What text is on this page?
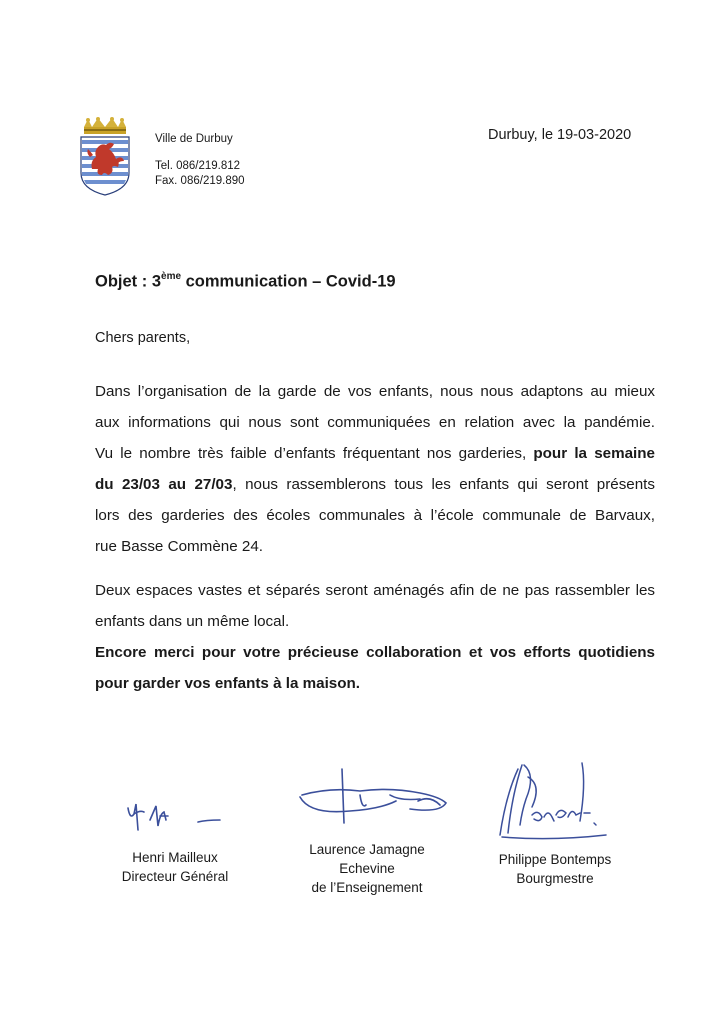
Ville de Durbuy
Tel. 086/219.812
Fax. 086/219.890
Durbuy, le 19-03-2020
Objet : 3ème communication – Covid-19
Chers parents,
Dans l’organisation de la garde de vos enfants, nous nous adaptons au mieux
aux informations qui nous sont communiquées en relation avec la pandémie.
Vu le nombre très faible d’enfants fréquentant nos garderies, pour la semaine
du 23/03 au 27/03, nous rassemblerons tous les enfants qui seront présents
lors des garderies des écoles communales à l’école communale de Barvaux,
rue Basse Commène 24.
Deux espaces vastes et séparés seront aménagés afin de ne pas rassembler les
enfants dans un même local.
Encore merci pour votre précieuse collaboration et vos efforts quotidiens
pour garder vos enfants à la maison.
Henri Mailleux
Directeur Général
Laurence Jamagne
Echevine
de l’Enseignement
Philippe Bontemps
Bourgmestre
